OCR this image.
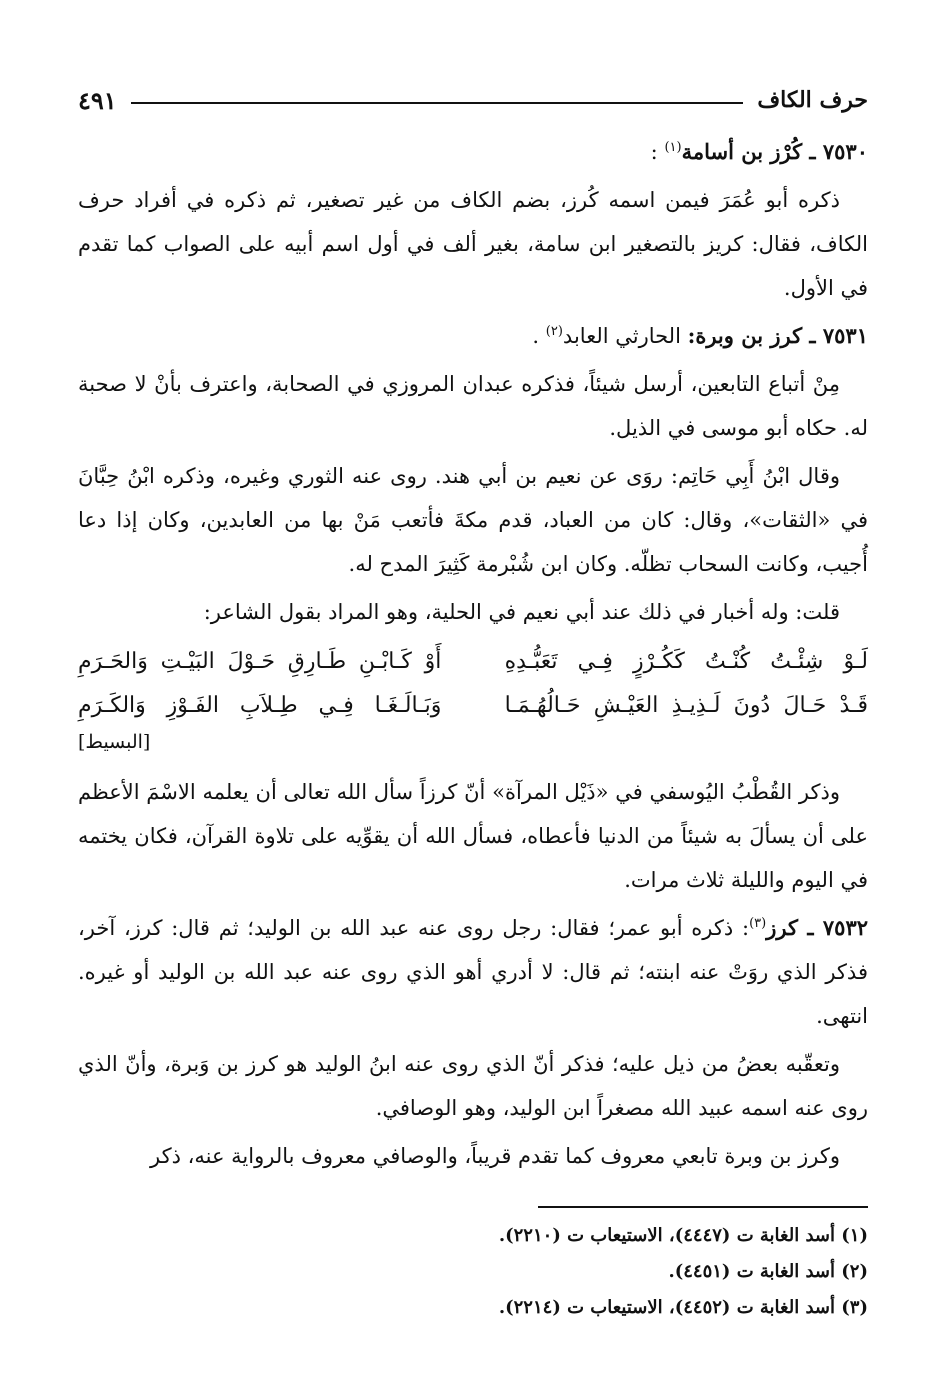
حرف الكاف
٤٩١

٧٥٣٠ ـ كُرْز بن أسامة$^{(١)}$ :

ذكره أبو عُمَرَ فيمن اسمه كُرز، بضم الكاف من غير تصغير، ثم ذكره في أفراد حرف الكاف، فقال: كريز بالتصغير ابن سامة، بغير ألف في أول اسم أبيه على الصواب كما تقدم في الأول.

٧٥٣١ ـ كرز بن وبرة: الحارثي العابد$^{(٢)}$ .

مِنْ أتباع التابعين، أرسل شيئاً، فذكره عبدان المروزي في الصحابة، واعترف بأنْ لا صحبة له. حكاه أبو موسى في الذيل.

وقال ابْنُ أَبِي حَاتِم: روَى عن نعيم بن أبي هند. روى عنه الثوري وغيره، وذكره ابْنُ حِبَّانَ في «الثقات»، وقال: كان من العباد، قدم مكةَ فأتعب مَنْ بها من العابدين، وكان إذا دعا أُجيب، وكانت السحاب تظلّه. وكان ابن شُبْرمة كَثِيرَ المدح له.

قلت: وله أخبار في ذلك عند أبي نعيم في الحلية، وهو المراد بقول الشاعر:

لَـوْ شِئْـتُ كُنْـتُ كَكُـرْزٍ فِـي تَعَبُّـدِهِ
أَوْ كَـابْـنِ طَـارِقِ حَـوْلَ البَيْـتِ وَالحَـرَمِ
قَـدْ حَـالَ دُونَ لَـذِيـذِ العَيْـشِ حَـالُهُـمَـا
وَبَـالَـغَـا فِـي طِـلاَبِ الفَـوْزِ وَالكَـرَمِ
[البسيط]

وذكر القُطْبُ اليُوسفي في «ذَيْل المرآة» أنّ كرزاً سأل الله تعالى أن يعلمه الاسْمَ الأعظم على أن يسألَ به شيئاً من الدنيا فأعطاه، فسأل الله أن يقوِّيه على تلاوة القرآن، فكان يختمه في اليوم والليلة ثلاث مرات.

٧٥٣٢ ـ كرز$^{(٣)}$: ذكره أبو عمر؛ فقال: رجل روى عنه عبد الله بن الوليد؛ ثم قال: كرز، آخر، فذكر الذي روَتْ عنه ابنته؛ ثم قال: لا أدري أهو الذي روى عنه عبد الله بن الوليد أو غيره. انتهى.

وتعقّبه بعضُ من ذيل عليه؛ فذكر أنّ الذي روى عنه ابنُ الوليد هو كرز بن وَبرة، وأنّ الذي روى عنه اسمه عبيد الله مصغراً ابن الوليد، وهو الوصافي.

وكرز بن وبرة تابعي معروف كما تقدم قريباً، والوصافي معروف بالرواية عنه، ذكر

(١) أسد الغابة ت (٤٤٤٧)، الاستيعاب ت (٢٢١٠).
(٢) أسد الغابة ت (٤٤٥١).
(٣) أسد الغابة ت (٤٤٥٢)، الاستيعاب ت (٢٢١٤).
